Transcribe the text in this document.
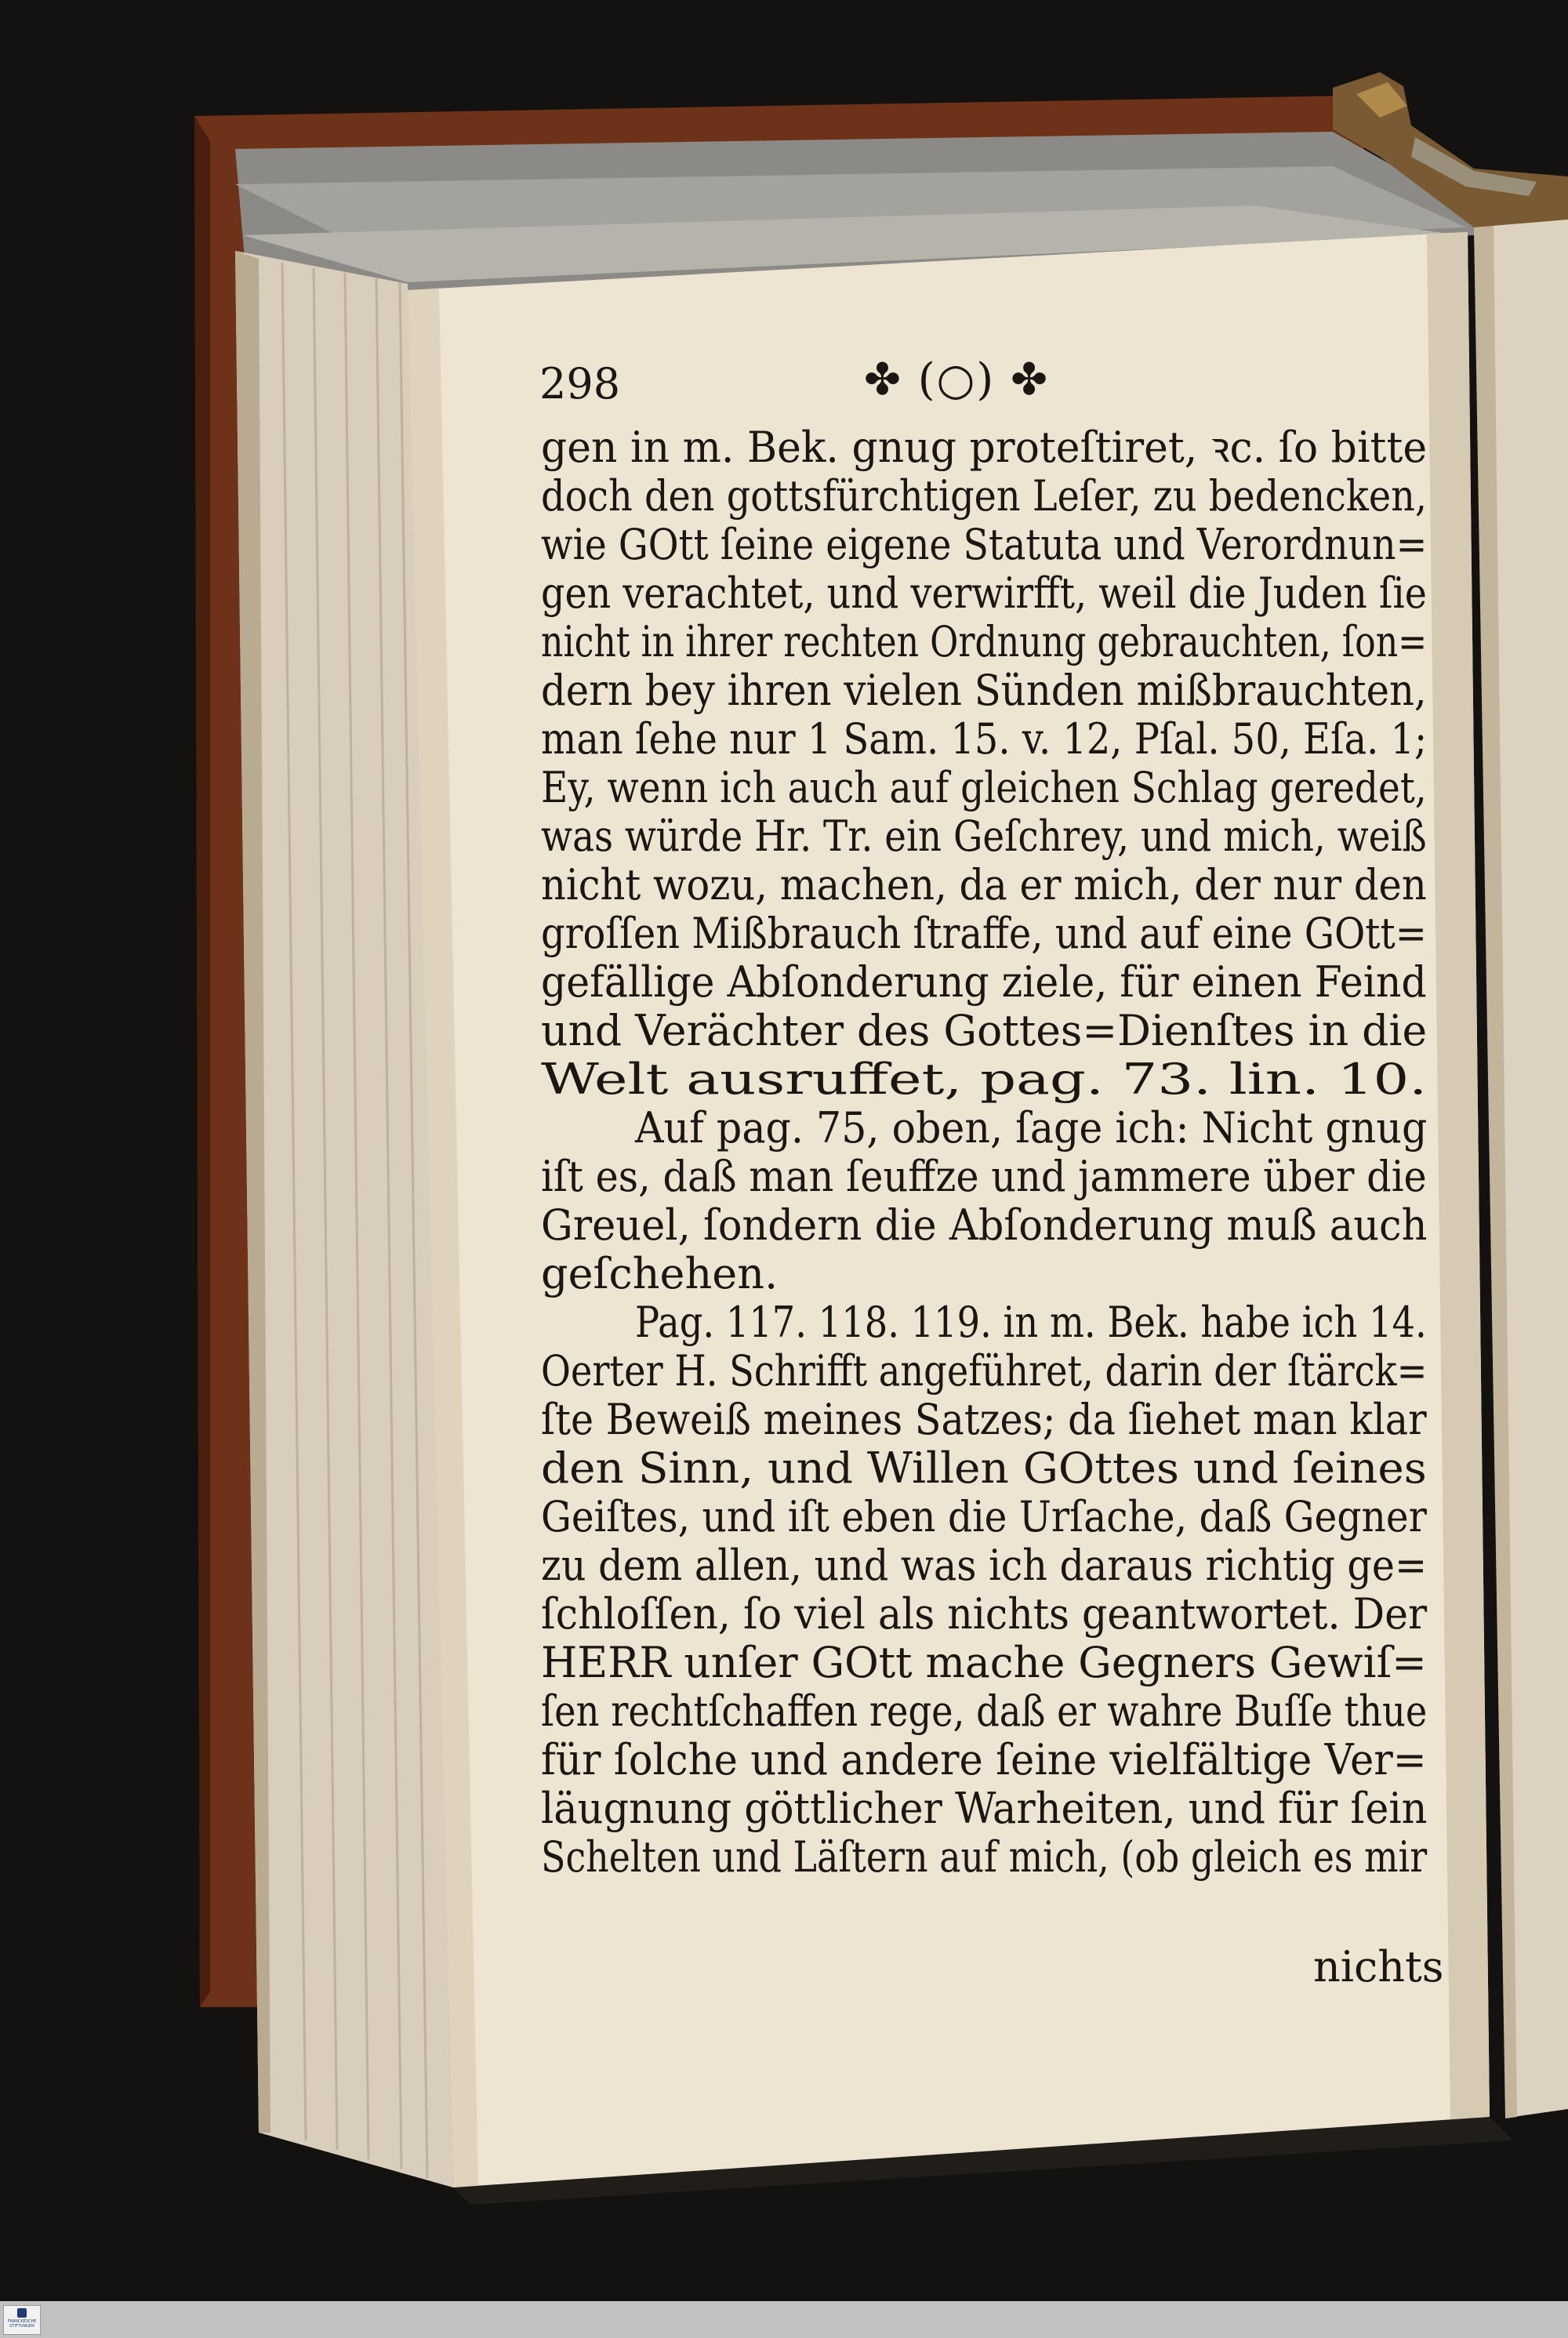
298	✤ (○) ✤
gen in m. Bek. gnug proteſtiret, ꝛc. ſo bitte
doch den gottsfürchtigen Leſer, zu bedencken,
wie GOtt ſeine eigene Statuta und Verordnun=
gen verachtet, und verwirfft, weil die Juden ſie
nicht in ihrer rechten Ordnung gebrauchten, ſon=
dern bey ihren vielen Sünden mißbrauchten,
man ſehe nur 1 Sam. 15. v. 12, Pſal. 50, Eſa. 1;
Ey, wenn ich auch auf gleichen Schlag geredet,
was würde Hr. Tr. ein Geſchrey, und mich, weiß
nicht wozu, machen, da er mich, der nur den
groſſen Mißbrauch ſtraffe, und auf eine GOtt=
gefällige Abſonderung ziele, für einen Feind
und Verächter des Gottes=Dienſtes in die
Welt ausruffet, pag. 73. lin. 10.
Auf pag. 75, oben, ſage ich: Nicht gnug
iſt es, daß man ſeuffze und jammere über die
Greuel, ſondern die Abſonderung muß auch
geſchehen.
Pag. 117. 118. 119. in m. Bek. habe ich 14.
Oerter H. Schrifft angeführet, darin der ſtärck=
ſte Beweiß meines Satzes; da ſiehet man klar
den Sinn, und Willen GOttes und ſeines
Geiſtes, und iſt eben die Urſache, daß Gegner
zu dem allen, und was ich daraus richtig ge=
ſchloſſen, ſo viel als nichts geantwortet. Der
HERR unſer GOtt mache Gegners Gewiſ=
ſen rechtſchaffen rege, daß er wahre Buſſe thue
für ſolche und andere ſeine vielfältige Ver=
läugnung göttlicher Warheiten, und für ſein
Schelten und Läſtern auf mich, (ob gleich es mir
nichts
FRANCKESCHE STIFTUNGEN
